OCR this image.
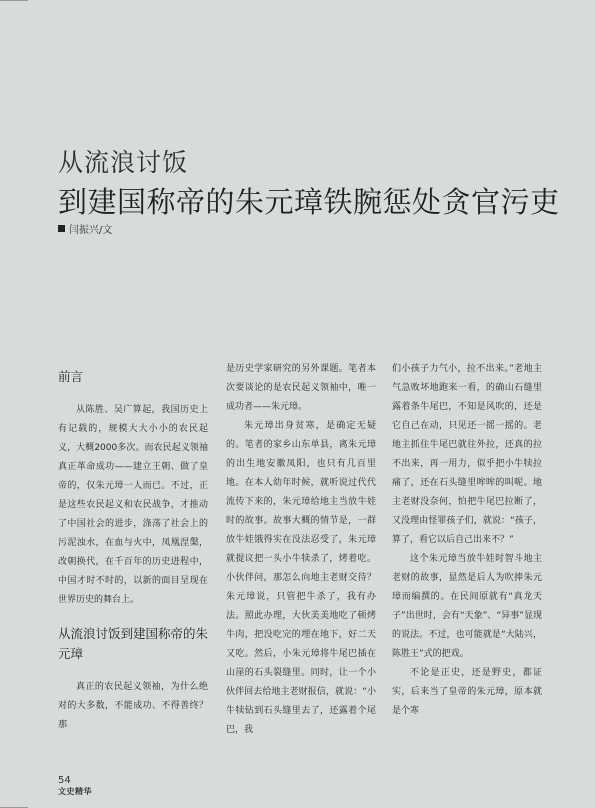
从流浪讨饭
到建国称帝的朱元璋铁腕惩处贪官污吏
闫振兴/文

前言

从陈胜、吴广算起，我国历史上有记载的，规模大大小小的农民起义，大概2000多次。而农民起义领袖真正革命成功——建立王朝、做了皇帝的，仅朱元璋一人而已。不过，正是这些农民起义和农民战争，才推动了中国社会的进步，涤荡了社会上的污泥浊水，在血与火中，凤凰涅槃，改朝换代，在千百年的历史进程中，中国才时不时的，以新的面目呈现在世界历史的舞台上。

从流浪讨饭到建国称帝的朱元璋

真正的农民起义领袖，为什么绝对的大多数，不能成功、不得善终？那

是历史学家研究的另外课题。笔者本次要谈论的是农民起义领袖中，唯一成功者——朱元璋。

朱元璋出身贫寒，是确定无疑的。笔者的家乡山东单县，离朱元璋的出生地安徽凤阳，也只有几百里地。在本人幼年时候，就听说过代代流传下来的，朱元璋给地主当放牛娃时的故事。故事大概的情节是，一群放牛娃饿得实在没法忍受了，朱元璋就提议把一头小牛犊杀了，烤着吃。小伙伴问，那怎么向地主老财交待？朱元璋说，只管把牛杀了，我有办法。照此办理，大伙美美地吃了顿烤牛肉，把没吃完的埋在地下，好二天又吃。然后，小朱元璋将牛尾巴插在山崖的石头裂缝里。同时，让一个小伙伴回去给地主老财报信，就说：“小牛犊钻到石头缝里去了，还露着个尾巴，我

们小孩子力气小，拉不出来。”老地主气急败坏地跑来一看，的确山石缝里露着条牛尾巴，不知是风吹的，还是它自己在动，只见还一摇一摇的。老地主抓住牛尾巴就往外拉，还真的拉不出来，再一用力，似乎把小牛犊拉痛了，还在石头缝里哞哞的叫呢。地主老财没奈何，怕把牛尾巴拉断了，又没理由怪罪孩子们，就说：“孩子，算了，看它以后自己出来不？”

这个朱元璋当放牛娃时智斗地主老财的故事，显然是后人为吹捧朱元璋而编撰的。在民间原就有“真龙天子”出世时，会有“天象”、“异事”显现的说法。不过，也可能就是“大陆兴，陈胜王”式的把戏。

不论是正史，还是野史，都证实，后来当了皇帝的朱元璋，原本就是个寒

54
文史精华
